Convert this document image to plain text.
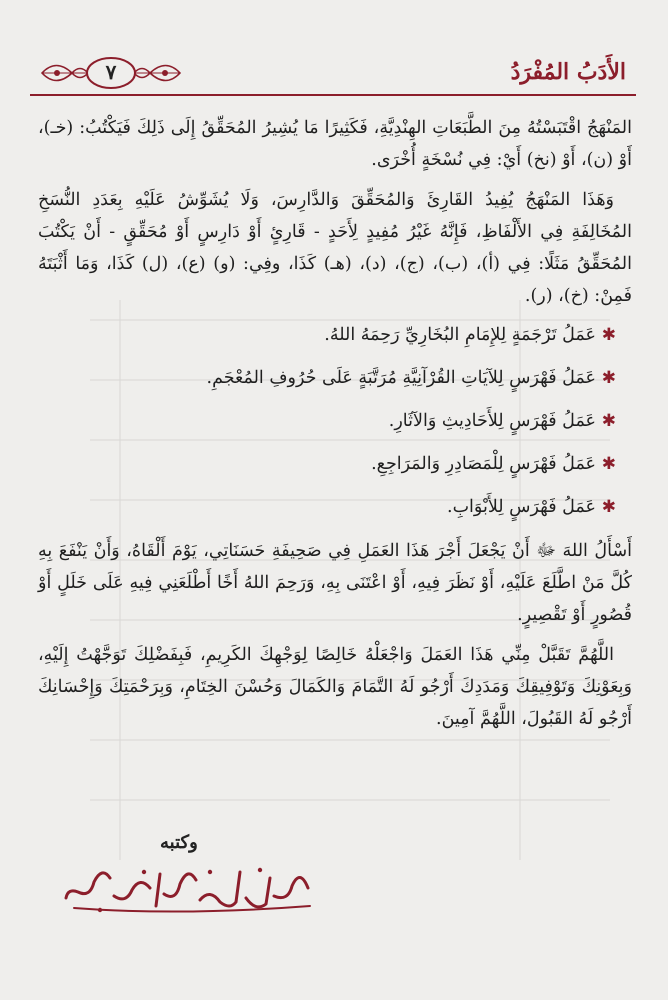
الأَدَبُ المُفْرَدُ
٧

المَنْهَجُ اقْتَبَسْتُهُ مِنَ الطَّبَعَاتِ الهِنْدِيَّةِ، فَكَثِيرًا مَا يُشِيرُ المُحَقِّقُ إِلَى ذَلِكَ فَيَكْتُبُ: (خـ)، أَوْ (ن)، أَوْ (نخ) أَيْ: فِي نُسْخَةٍ أُخْرَى.

وَهَذَا المَنْهَجُ يُفِيدُ القَارِئَ وَالمُحَقِّقَ وَالدَّارِسَ، وَلَا يُشَوِّشُ عَلَيْهِ بِعَدَدِ النُّسَخِ المُخَالِفَةِ فِي الأَلْفَاظِ، فَإِنَّهُ غَيْرُ مُفِيدٍ لِأَحَدٍ - قَارِئٍ أَوْ دَارِسٍ أَوْ مُحَقِّقٍ - أَنْ يَكْتُبَ المُحَقِّقُ مَثَلًا: فِي (أ)، (ب)، (ج)، (د)، (هـ) كَذَا، وفِي: (و) (ع)، (ل) كَذَا، وَمَا أَثْبَتَهُ فَمِنْ: (خ)، (ر).

✱
عَمَلُ تَرْجَمَةٍ لِلإِمَامِ البُخَارِيِّ رَحِمَهُ اللهُ.
✱
عَمَلُ فَهْرَسٍ لِلآيَاتِ القُرْآنِيَّةِ مُرَتَّبَةٍ عَلَى حُرُوفِ المُعْجَمِ.
✱
عَمَلُ فَهْرَسٍ لِلأَحَادِيثِ وَالآثَارِ.
✱
عَمَلُ فَهْرَسٍ لِلْمَصَادِرِ وَالمَرَاجِعِ.
✱
عَمَلُ فَهْرَسٍ لِلأَبْوَابِ.

أَسْأَلُ اللهَ ﷻ أَنْ يَجْعَلَ أَجْرَ هَذَا العَمَلِ فِي صَحِيفَةِ حَسَنَاتِي، يَوْمَ أَلْقَاهُ، وَأَنْ يَنْفَعَ بِهِ كُلَّ مَنْ اطَّلَعَ عَلَيْهِ، أَوْ نَظَرَ فِيهِ، أَوْ اعْتَنَى بِهِ، وَرَحِمَ اللهُ أَخًا أَطْلَعَنِي فِيهِ عَلَى خَلَلٍ أَوْ قُصُورٍ أَوْ تَقْصِيرٍ.

اللَّهُمَّ تَقَبَّلْ مِنِّي هَذَا العَمَلَ وَاجْعَلْهُ خَالِصًا لِوَجْهِكَ الكَرِيمِ، فَبِفَضْلِكَ تَوَجَّهْتُ إِلَيْهِ، وَبِعَوْنِكَ وَتَوْفِيقِكَ وَمَدَدِكَ أَرْجُو لَهُ التَّمَامَ وَالكَمَالَ وَحُسْنَ الخِتَامِ، وَبِرَحْمَتِكَ وَإِحْسَانِكَ أَرْجُو لَهُ القَبُولَ، اللَّهُمَّ آمِينَ.

وكتبه
